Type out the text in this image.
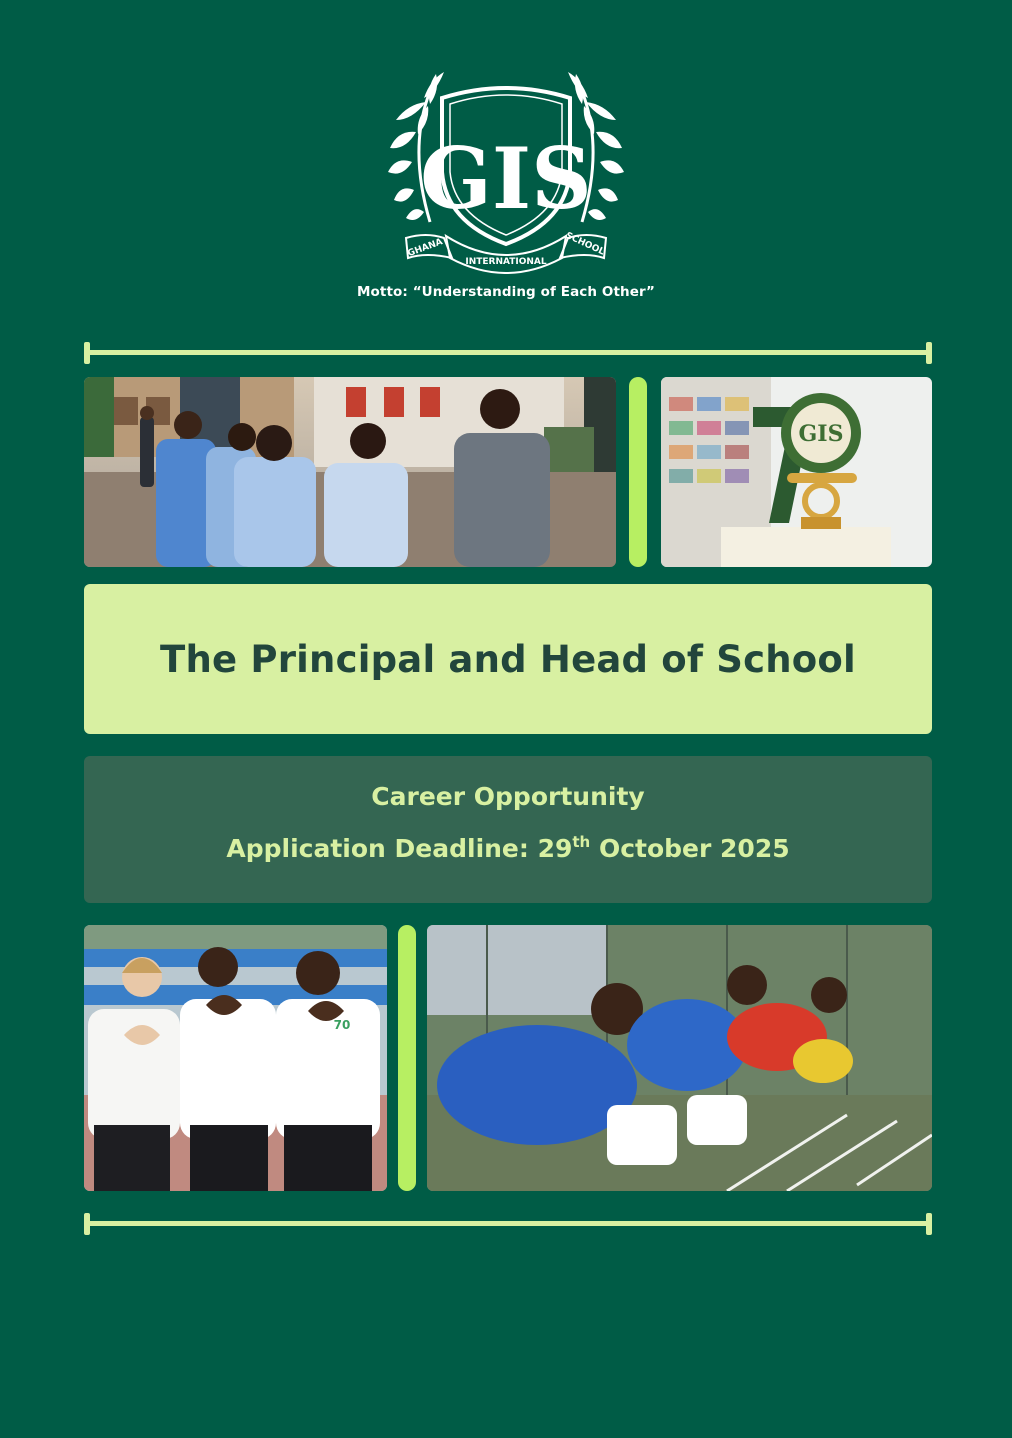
GIS
GHANA
INTERNATIONAL
SCHOOL
Motto: “Understanding of Each Other”
GIS
The Principal and Head of School
Career Opportunity
Application Deadline: 29th October 2025
70
